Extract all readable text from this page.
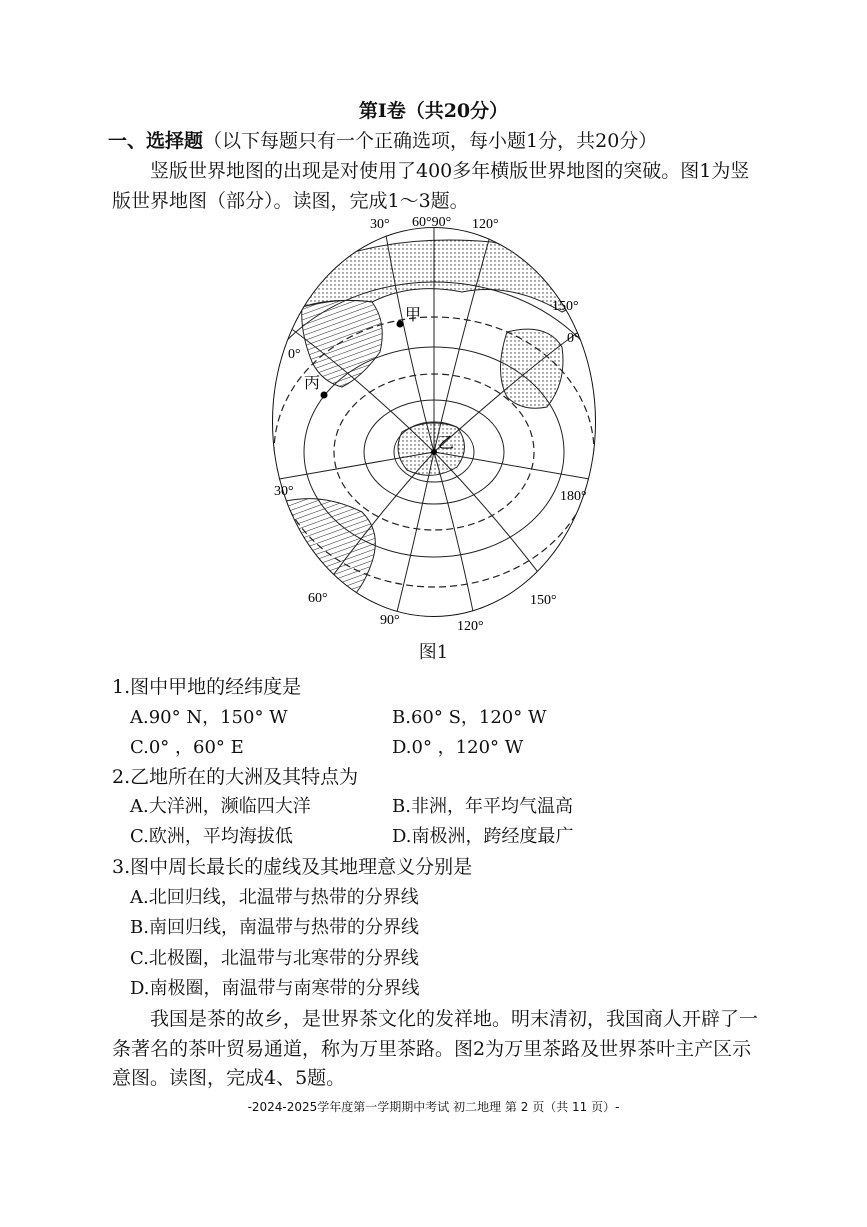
第Ⅰ卷（共20分）
一、选择题（以下每题只有一个正确选项，每小题1分，共20分）
竖版世界地图的出现是对使用了400多年横版世界地图的突破。图1为竖
版世界地图（部分）。读图，完成1～3题。
30° 60°90° 120°
150°
0°
0°
30°	180°
60°
90°	120°
150°
甲
丙
乙
图1
1.图中甲地的经纬度是
A.90° N，150° W	B.60° S，120° W
C.0° ，60° E	D.0° ，120° W
2.乙地所在的大洲及其特点为
A.大洋洲，濒临四大洋	B.非洲，年平均气温高
C.欧洲，平均海拔低	D.南极洲，跨经度最广
3.图中周长最长的虚线及其地理意义分别是
A.北回归线，北温带与热带的分界线
B.南回归线，南温带与热带的分界线
C.北极圈，北温带与北寒带的分界线
D.南极圈，南温带与南寒带的分界线
我国是茶的故乡，是世界茶文化的发祥地。明末清初，我国商人开辟了一
条著名的茶叶贸易通道，称为万里茶路。图2为万里茶路及世界茶叶主产区示
意图。读图，完成4、5题。
-2024-2025学年度第一学期期中考试 初二地理 第 2 页（共 11 页）-
